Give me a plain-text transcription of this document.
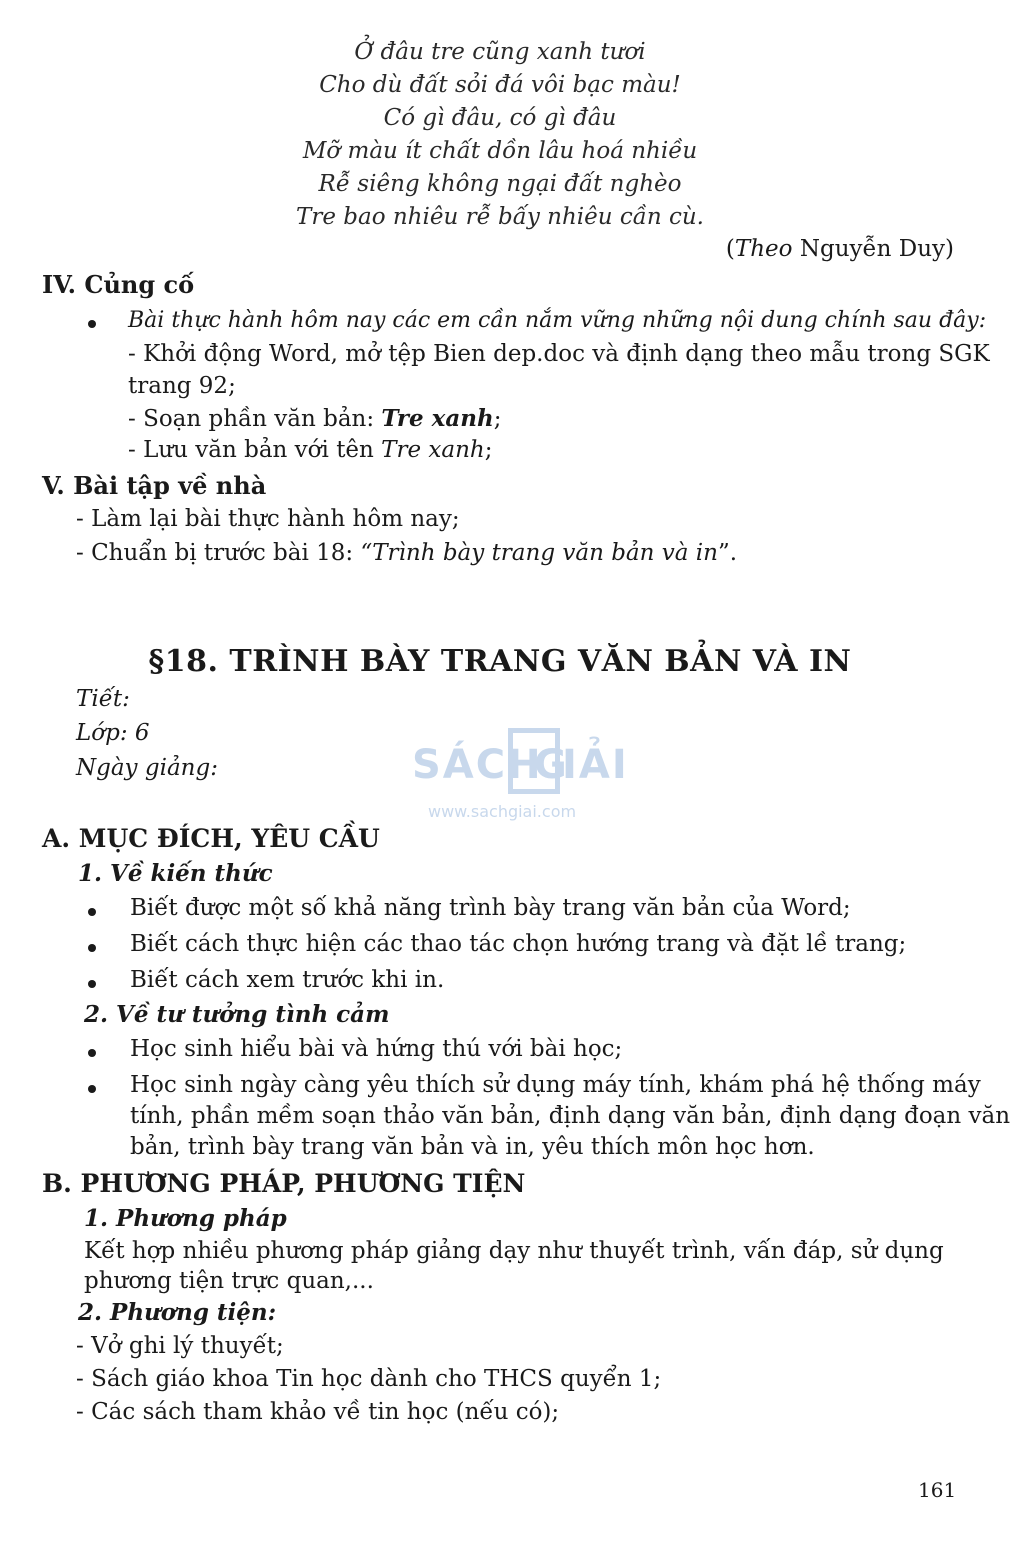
Ở đâu tre cũng xanh tươi
Cho dù đất sỏi đá vôi bạc màu!
Có gì đâu, có gì đâu
Mỡ màu ít chất dồn lâu hoá nhiều
Rễ siêng không ngại đất nghèo
Tre bao nhiêu rễ bấy nhiêu cần cù.
(Theo Nguyễn Duy)
IV. Củng cố
Bài thực hành hôm nay các em cần nắm vững những nội dung chính sau đây:
- Khởi động Word, mở tệp Bien dep.doc và định dạng theo mẫu trong SGK
trang 92;
- Soạn phần văn bản: Tre xanh;
- Lưu văn bản với tên Tre xanh;
V. Bài tập về nhà
- Làm lại bài thực hành hôm nay;
- Chuẩn bị trước bài 18: “Trình bày trang văn bản và in”.
§18. TRÌNH BÀY TRANG VĂN BẢN VÀ IN
Tiết:
Lớp: 6
Ngày giảng:	SÁCH
G
IẢI
www.sachgiai.com
A. MỤC ĐÍCH, YÊU CẦU
1. Về kiến thức
Biết được một số khả năng trình bày trang văn bản của Word;
Biết cách thực hiện các thao tác chọn hướng trang và đặt lề trang;
Biết cách xem trước khi in.
2. Về tư tưởng tình cảm
Học sinh hiểu bài và hứng thú với bài học;
Học sinh ngày càng yêu thích sử dụng máy tính, khám phá hệ thống máy
tính, phần mềm soạn thảo văn bản, định dạng văn bản, định dạng đoạn văn
bản, trình bày trang văn bản và in, yêu thích môn học hơn.
B. PHƯƠNG PHÁP, PHƯƠNG TIỆN
1. Phương pháp
Kết hợp nhiều phương pháp giảng dạy như thuyết trình, vấn đáp, sử dụng
phương tiện trực quan,...
2. Phương tiện:
- Vở ghi lý thuyết;
- Sách giáo khoa Tin học dành cho THCS quyển 1;
- Các sách tham khảo về tin học (nếu có);
161
